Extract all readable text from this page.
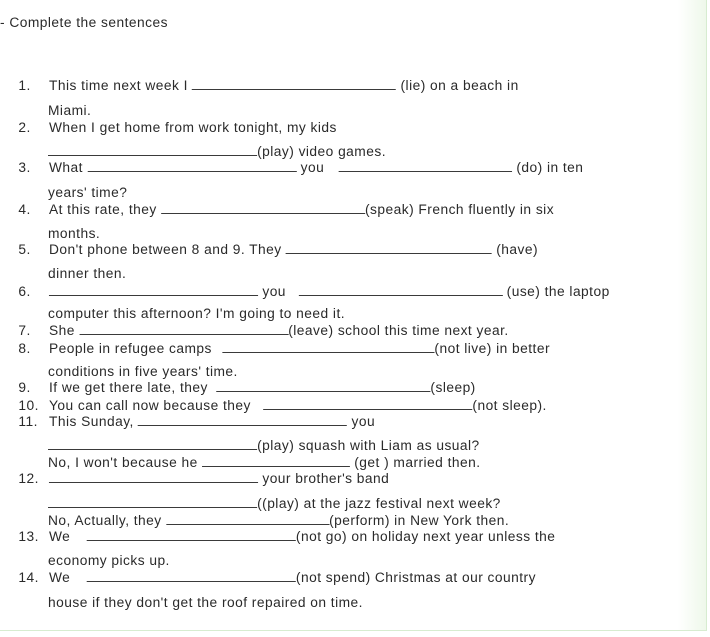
- Complete the sentences
1.	This time next week I	(lie) on a beach in
Miami.
2.	When I get home from work tonight, my kids
(play) video games.
3.	What	you	(do) in ten
years' time?
4.	At this rate, they	(speak) French fluently in six
months.
5.	Don't phone between 8 and 9. They	(have)
dinner then.
6.	you	(use) the laptop
computer this afternoon? I'm going to need it.
7.	She	(leave) school this time next year.
8.	People in refugee camps	(not live) in better
conditions in five years' time.
9.	If we get there late, they	(sleep)
10. You can call now because they	(not sleep).
11. This Sunday,	you
(play) squash with Liam as usual?
No, I won't because he	(get ) married then.
12.	your brother's band
((play) at the jazz festival next week?
No, Actually, they	(perform) in New York then.
13. We	(not go) on holiday next year unless the
economy picks up.
14. We	(not spend) Christmas at our country
house if they don't get the roof repaired on time.
